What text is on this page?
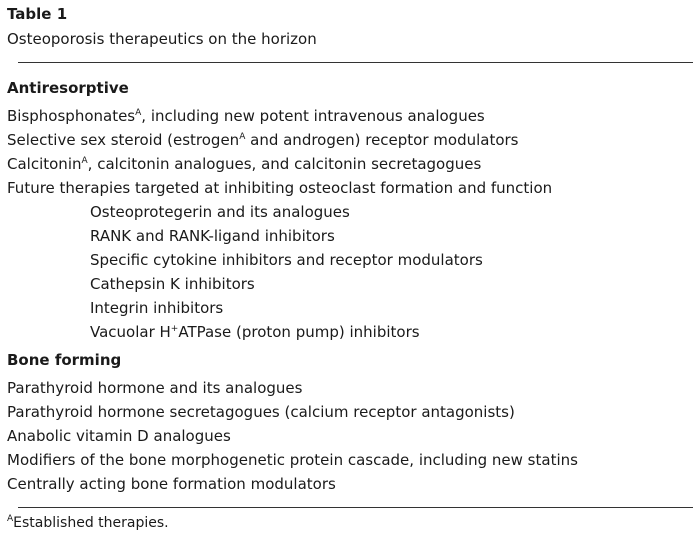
Table 1
Osteoporosis therapeutics on the horizon
Antiresorptive
Bisphosphonates$^A$, including new potent intravenous analogues
Selective sex steroid (estrogen$^A$ and androgen) receptor modulators
Calcitonin$^A$, calcitonin analogues, and calcitonin secretagogues
Future therapies targeted at inhibiting osteoclast formation and function
Osteoprotegerin and its analogues
RANK and RANK-ligand inhibitors
Specific cytokine inhibitors and receptor modulators
Cathepsin K inhibitors
Integrin inhibitors
Vacuolar H+ATPase (proton pump) inhibitors
Bone forming
Parathyroid hormone and its analogues
Parathyroid hormone secretagogues (calcium receptor antagonists)
Anabolic vitamin D analogues
Modifiers of the bone morphogenetic protein cascade, including new statins
Centrally acting bone formation modulators
$^A$Established therapies.
